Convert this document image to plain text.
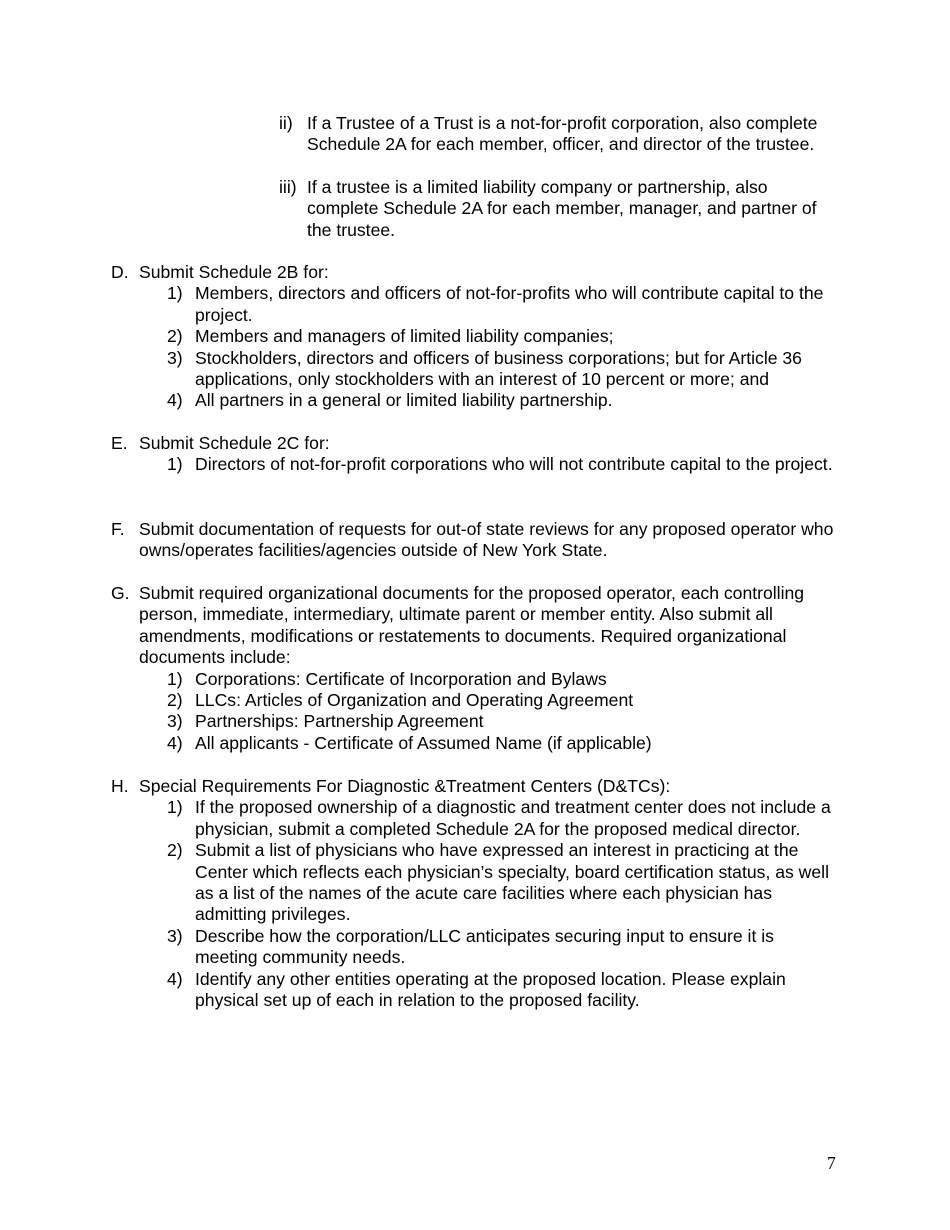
ii) If a Trustee of a Trust is a not-for-profit corporation, also complete Schedule 2A for each member, officer, and director of the trustee.
iii) If a trustee is a limited liability company or partnership, also complete Schedule 2A for each member, manager, and partner of the trustee.
D. Submit Schedule 2B for:
1) Members, directors and officers of not-for-profits who will contribute capital to the project.
2) Members and managers of limited liability companies;
3) Stockholders, directors and officers of business corporations; but for Article 36 applications, only stockholders with an interest of 10 percent or more; and
4) All partners in a general or limited liability partnership.
E. Submit Schedule 2C for:
1) Directors of not-for-profit corporations who will not contribute capital to the project.
F. Submit documentation of requests for out-of state reviews for any proposed operator who owns/operates facilities/agencies outside of New York State.
G. Submit required organizational documents for the proposed operator, each controlling person, immediate, intermediary, ultimate parent or member entity. Also submit all amendments, modifications or restatements to documents. Required organizational documents include:
1) Corporations: Certificate of Incorporation and Bylaws
2) LLCs: Articles of Organization and Operating Agreement
3) Partnerships: Partnership Agreement
4) All applicants - Certificate of Assumed Name (if applicable)
H. Special Requirements For Diagnostic &Treatment Centers (D&TCs):
1) If the proposed ownership of a diagnostic and treatment center does not include a physician, submit a completed Schedule 2A for the proposed medical director.
2) Submit a list of physicians who have expressed an interest in practicing at the Center which reflects each physician’s specialty, board certification status, as well as a list of the names of the acute care facilities where each physician has admitting privileges.
3) Describe how the corporation/LLC anticipates securing input to ensure it is meeting community needs.
4) Identify any other entities operating at the proposed location. Please explain physical set up of each in relation to the proposed facility.
7
